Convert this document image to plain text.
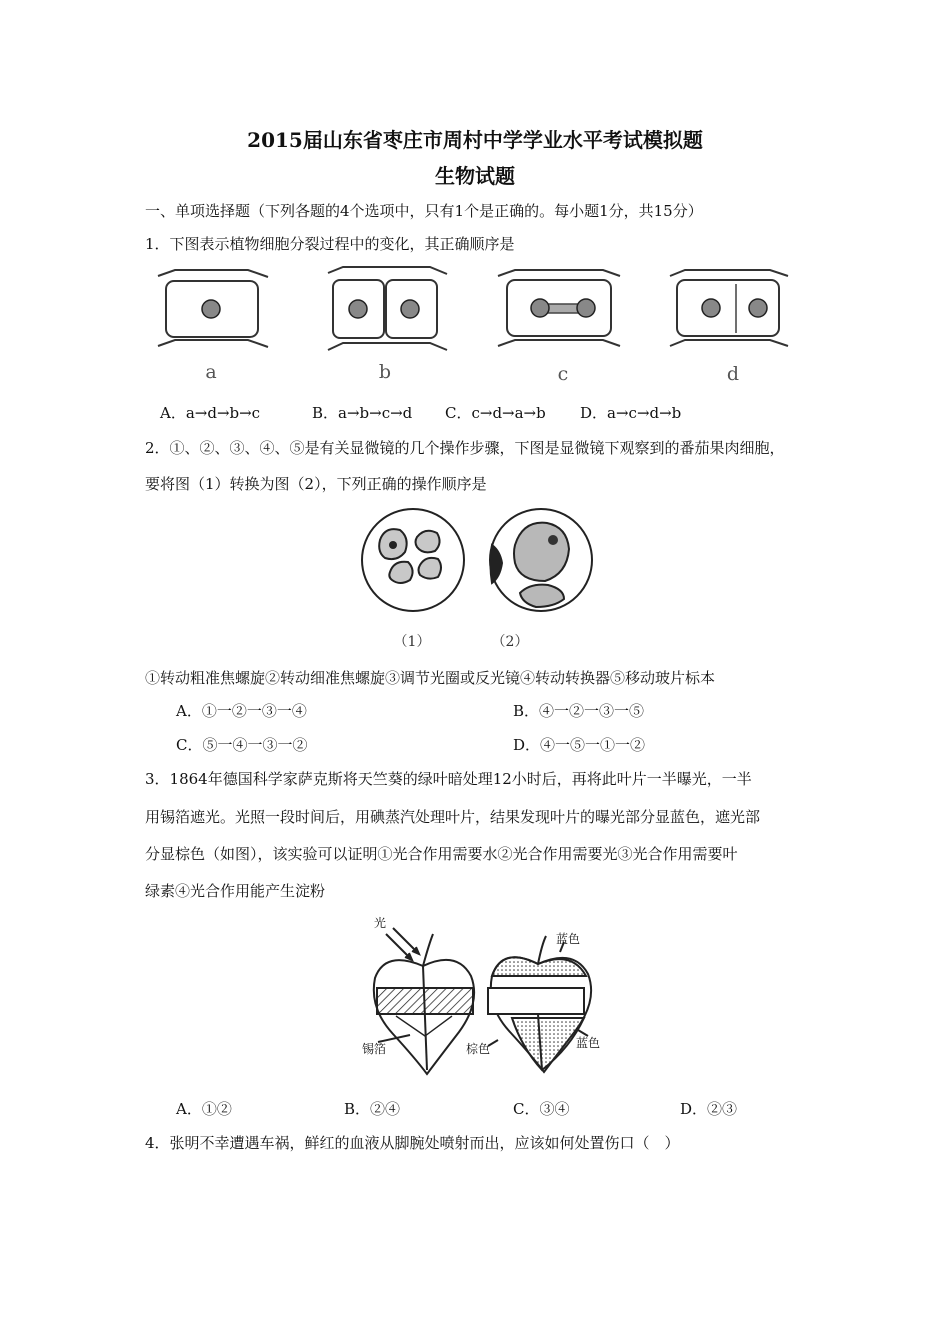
2015届山东省枣庄市周村中学学业水平考试模拟题
生物试题
一、单项选择题（下列各题的4个选项中，只有1个是正确的。每小题1分，共15分）
1．下图表示植物细胞分裂过程中的变化，其正确顺序是
a	b	c	d
A．a→d→b→c	B．a→b→c→d C．c→d→a→b D．a→c→d→b
2．①、②、③、④、⑤是有关显微镜的几个操作步骤，下图是显微镜下观察到的番茄果肉细胞，
要将图（1）转换为图（2），下列正确的操作顺序是
（1）	（2）
①转动粗准焦螺旋②转动细准焦螺旋③调节光圈或反光镜④转动转换器⑤移动玻片标本
A．①一②一③一④	B．④一②一③一⑤
C．⑤一④一③一②	D．④一⑤一①一②
3．1864年德国科学家萨克斯将天竺葵的绿叶暗处理12小时后，再将此叶片一半曝光，一半
用锡箔遮光。光照一段时间后，用碘蒸汽处理叶片，结果发现叶片的曝光部分显蓝色，遮光部
分显棕色（如图），该实验可以证明①光合作用需要水②光合作用需要光③光合作用需要叶
绿素④光合作用能产生淀粉
光
锡箔
蓝色
棕色	蓝色
A．①②	B．②④	C．③④	D．②③
4．张明不幸遭遇车祸，鲜红的血液从脚腕处喷射而出，应该如何处置伤口（　）
